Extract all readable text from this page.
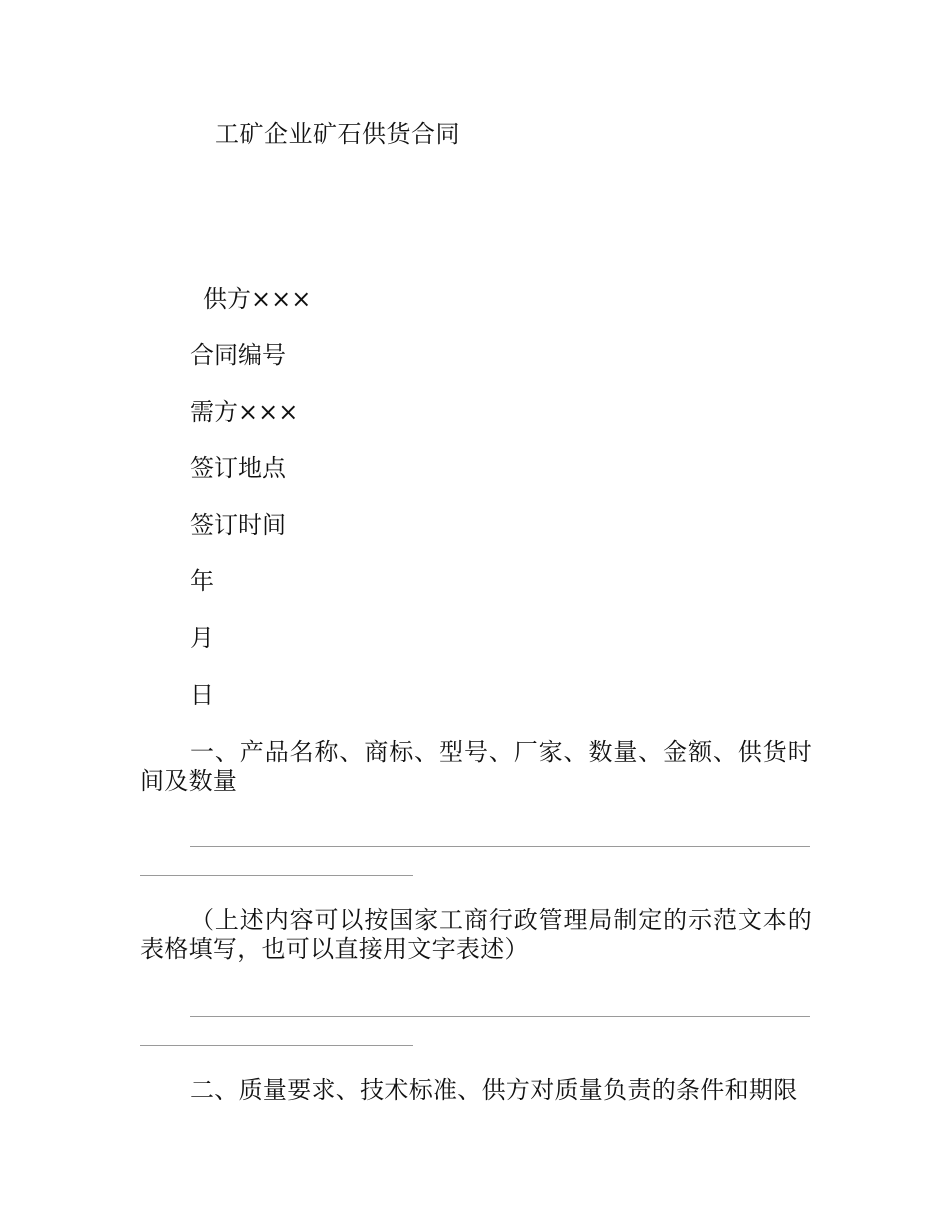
工矿企业矿石供货合同
供方×××
合同编号
需方×××
签订地点
签订时间
年
月
日
一、产品名称、商标、型号、厂家、数量、金额、供货时间及数量
（上述内容可以按国家工商行政管理局制定的示范文本的表格填写，也可以直接用文字表述）
二、质量要求、技术标准、供方对质量负责的条件和期限
